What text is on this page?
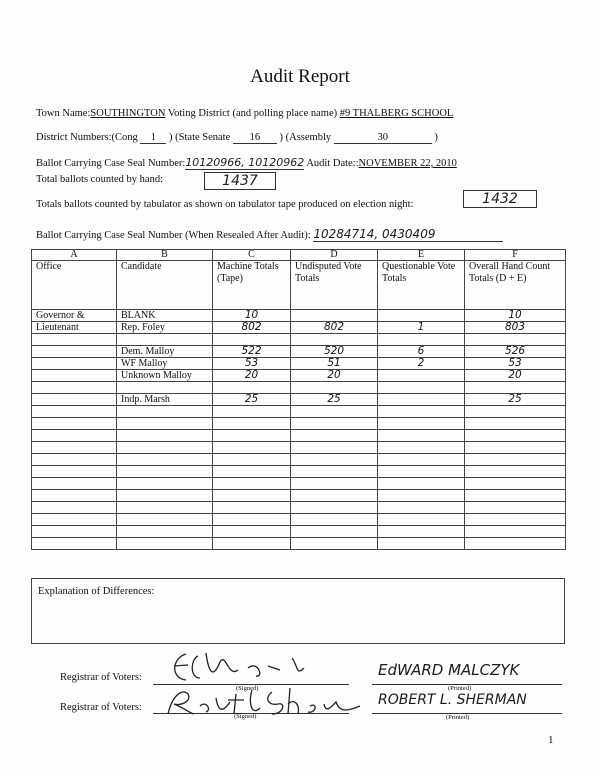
Audit Report
Town Name:SOUTHINGTON Voting District (and polling place name) #9 THALBERG SCHOOL
District Numbers:(Cong 1 ) (State Senate 16 ) (Assembly	30	)
Ballot Carrying Case Seal Number:10120966, 10120962 Audit Date::NOVEMBER 22, 2010
Total ballots counted by hand:	1437
Totals ballots counted by tabulator as shown on tabulator tape produced on election night:	1432
Ballot Carrying Case Seal Number (When Resealed After Audit): 10284714, 0430409
A	B	C	D	E	F
Office	Candidate	Machine Totals (Tape)	Undisputed Vote Totals	Questionable Vote Totals	Overall Hand Count Totals (D + E)
Governor &	BLANK	10			10
Lieutenant	Rep. Foley	802	802	1	803

	Dem. Malloy	522	520	6	526
	WF Malloy	53	51	2	53
	Unknown Malloy	20	20		20

	Indp. Marsh	25	25		25

Explanation of Differences:
Registrar of Voters:
(Signed)
EdWARD MALCZYK
(Printed)
Registrar of Voters:
(Signed)
ROBERT L. SHERMAN
(Printed)
1
